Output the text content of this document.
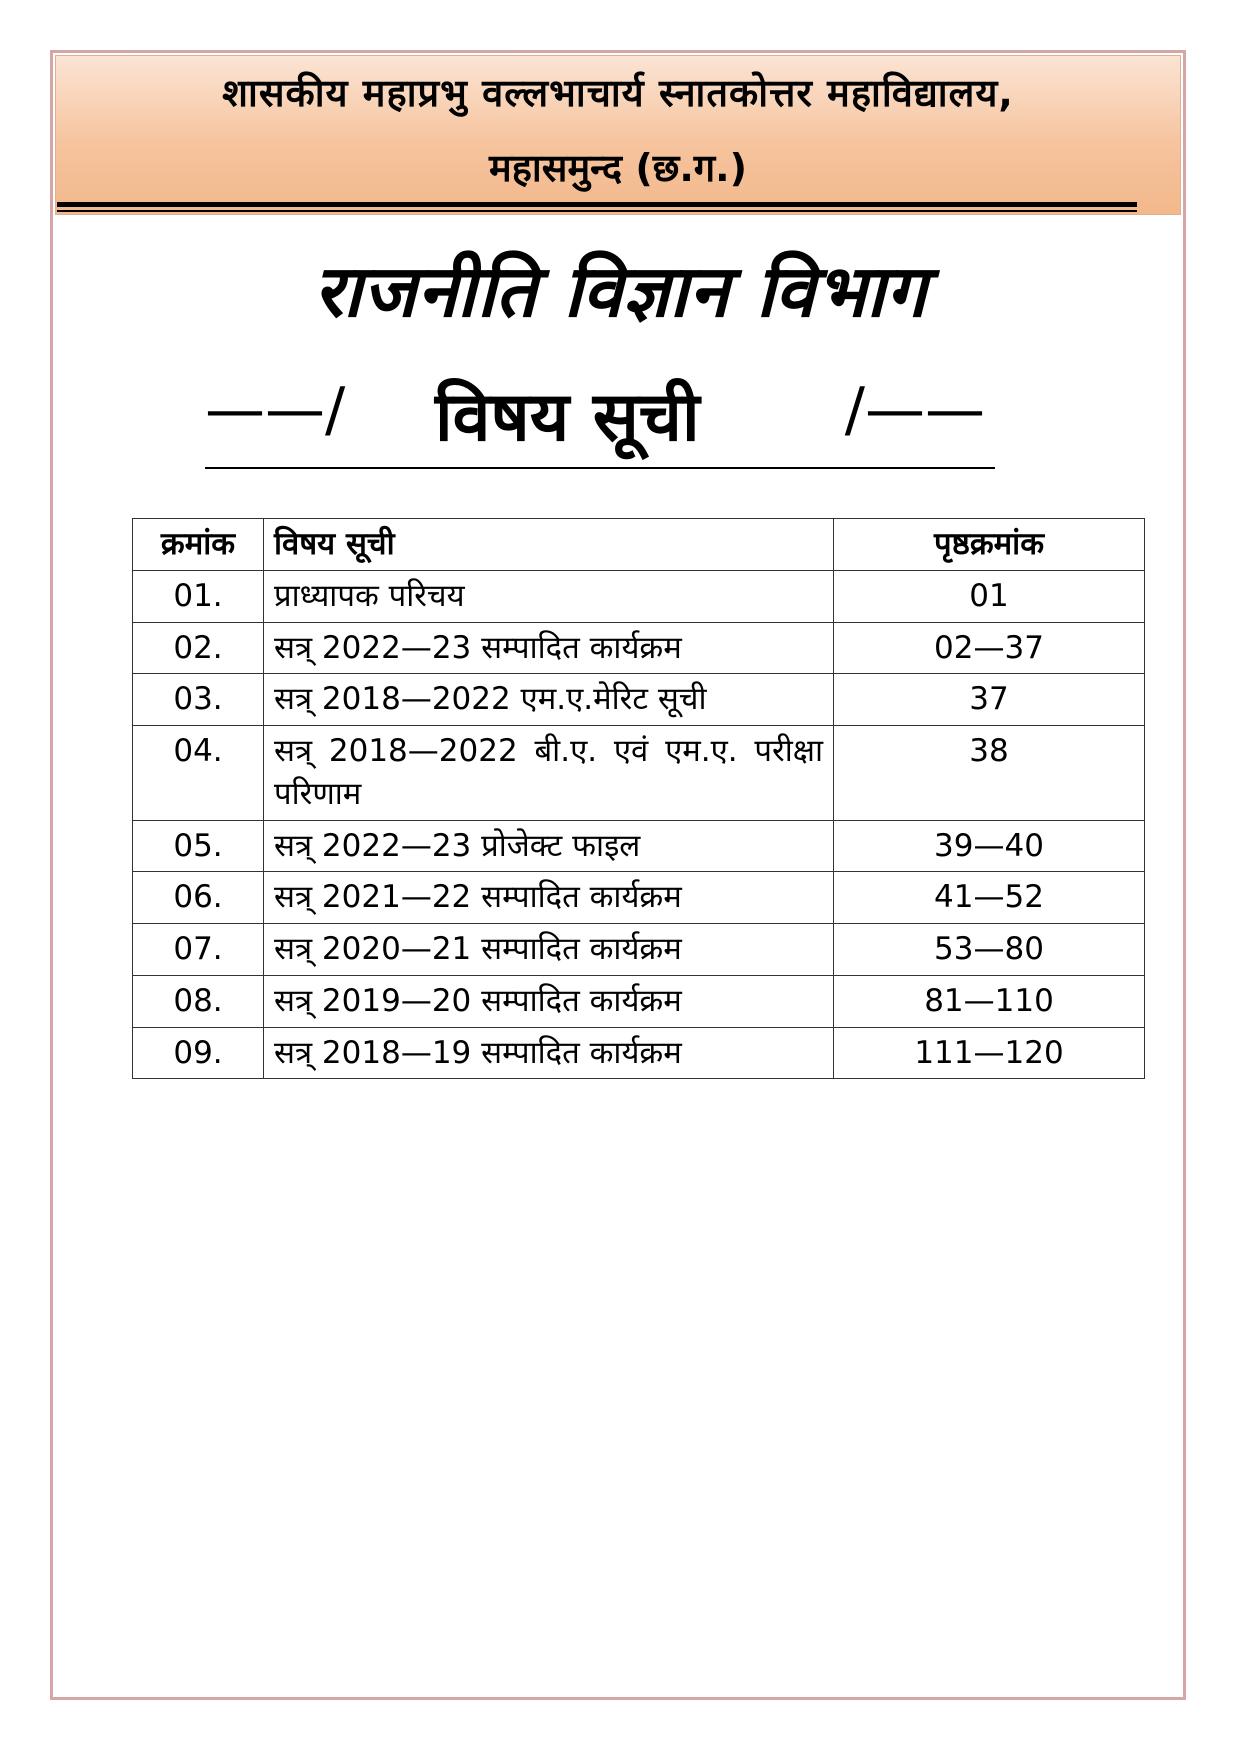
शासकीय महाप्रभु वल्लभाचार्य स्नातकोत्तर महाविद्यालय,
महासमुन्द (छ.ग.)
राजनीति विज्ञान विभाग
——/ विषय सूची /——
क्रमांक	विषय सूची	पृष्ठक्रमांक
01.	प्राध्यापक परिचय	01
02.	सत्र् 2022—23 सम्पादित कार्यक्रम	02—37
03.	सत्र् 2018—2022 एम.ए.मेरिट सूची	37
04.	सत्र् 2018—2022 बी.ए. एवं एम.ए. परीक्षा परिणाम	38
05.	सत्र् 2022—23 प्रोजेक्ट फाइल	39—40
06.	सत्र् 2021—22 सम्पादित कार्यक्रम	41—52
07.	सत्र् 2020—21 सम्पादित कार्यक्रम	53—80
08.	सत्र् 2019—20 सम्पादित कार्यक्रम	81—110
09.	सत्र् 2018—19 सम्पादित कार्यक्रम	111—120
